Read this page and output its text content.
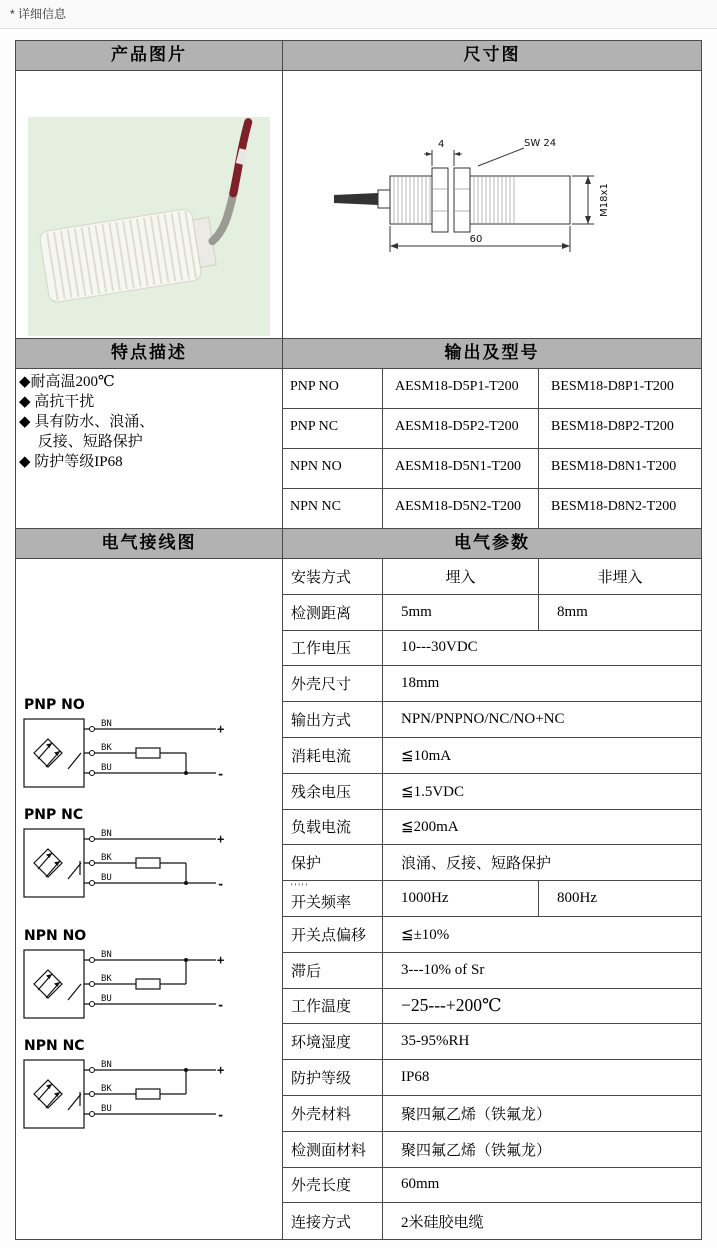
* 详细信息
产品图片	尺寸图
4	SW 24
M18x1
60
特点描述	输出及型号
◆耐高温200℃
◆ 高抗干扰
◆ 具有防水、浪涌、
　 反接、短路保护
◆ 防护等级IP68
PNP NO	AESM18-D5P1-T200	BESM18-D8P1-T200
PNP NC	AESM18-D5P2-T200	BESM18-D8P2-T200
NPN NO	AESM18-D5N1-T200	BESM18-D8N1-T200
NPN NC	AESM18-D5N2-T200	BESM18-D8N2-T200
电气接线图	电气参数
PNP NO
BN	+
BK
BU	-
PNP NC
BN	+
BK
BU	-
NPN NO
BN	+
BK
BU	-
NPN NC
BN	+
BK
BU	-
安装方式	埋入	非埋入
检测距离	5mm	8mm
工作电压	10---30VDC
外壳尺寸	18mm
输出方式	NPN/PNPNO/NC/NO+NC
消耗电流	≦10mA
残余电压	≦1.5VDC
负载电流	≦200mA
保护	浪涌、反接、短路保护
'''''
开关频率	1000Hz	800Hz
开关点偏移	≦±10%
滞后	3---10% of Sr
工作温度	−25---+200℃
环境湿度	35-95%RH
防护等级	IP68
外壳材料	聚四氟乙烯（铁氟龙）
检测面材料	聚四氟乙烯（铁氟龙）
外壳长度	60mm
连接方式	2米硅胶电缆
